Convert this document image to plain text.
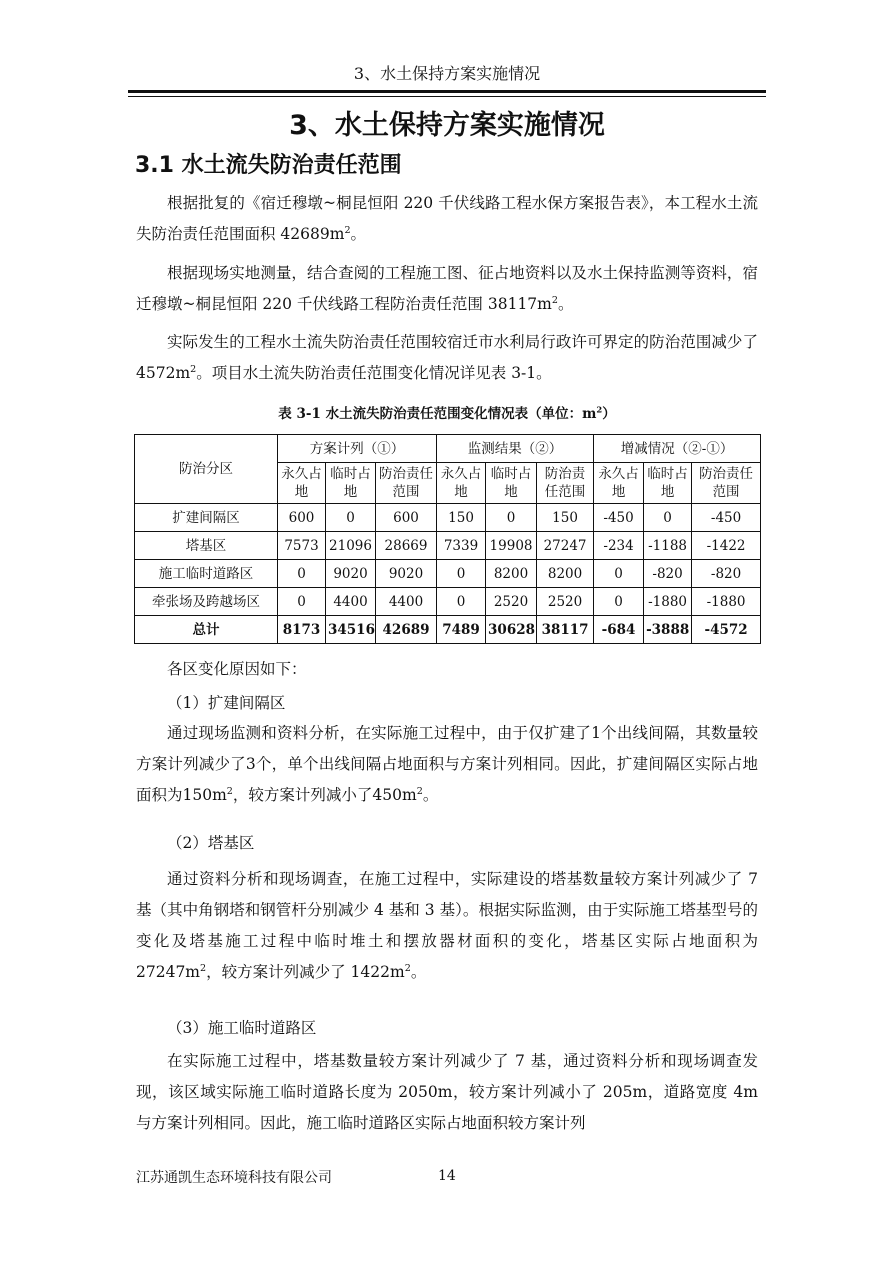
3、水土保持方案实施情况
3、水土保持方案实施情况
3.1 水土流失防治责任范围
根据批复的《宿迁穆墩~桐昆恒阳 220 千伏线路工程水保方案报告表》，本工程水土流失防治责任范围面积 $42689m^2$。
根据现场实地测量，结合查阅的工程施工图、征占地资料以及水土保持监测等资料，宿迁穆墩~桐昆恒阳 220 千伏线路工程防治责任范围 $38117m^2$。
实际发生的工程水土流失防治责任范围较宿迁市水利局行政许可界定的防治范围减少了 $4572m^2$。项目水土流失防治责任范围变化情况详见表 3-1。
表 3-1 水土流失防治责任范围变化情况表（单位：$m^2$）
防治分区	方案计列（①）			监测结果（②）			增减情况（②-①）		
	永久占地	临时占地	防治责任范围	永久占地	临时占地	防治责任范围	永久占地	临时占地	防治责任范围
扩建间隔区	600	0	600	150	0	150	-450	0	-450
塔基区	7573	21096	28669	7339	19908	27247	-234	-1188	-1422
施工临时道路区	0	9020	9020	0	8200	8200	0	-820	-820
牵张场及跨越场区	0	4400	4400	0	2520	2520	0	-1880	-1880
总计	8173	34516	42689	7489	30628	38117	-684	-3888	-4572
各区变化原因如下：
（1）扩建间隔区
通过现场监测和资料分析，在实际施工过程中，由于仅扩建了1个出线间隔，其数量较方案计列减少了3个，单个出线间隔占地面积与方案计列相同。因此，扩建间隔区实际占地面积为$150m^2$，较方案计列减小了$450m^2$。
（2）塔基区
通过资料分析和现场调查，在施工过程中，实际建设的塔基数量较方案计列减少了 7 基（其中角钢塔和钢管杆分别减少 4 基和 3 基）。根据实际监测，由于实际施工塔基型号的变化及塔基施工过程中临时堆土和摆放器材面积的变化，塔基区实际占地面积为 $27247m^2$，较方案计列减少了 $1422m^2$。
（3）施工临时道路区
在实际施工过程中，塔基数量较方案计列减少了 7 基，通过资料分析和现场调查发现，该区域实际施工临时道路长度为 2050m，较方案计列减小了 205m，道路宽度 4m 与方案计列相同。因此，施工临时道路区实际占地面积较方案计列
江苏通凯生态环境科技有限公司	14
